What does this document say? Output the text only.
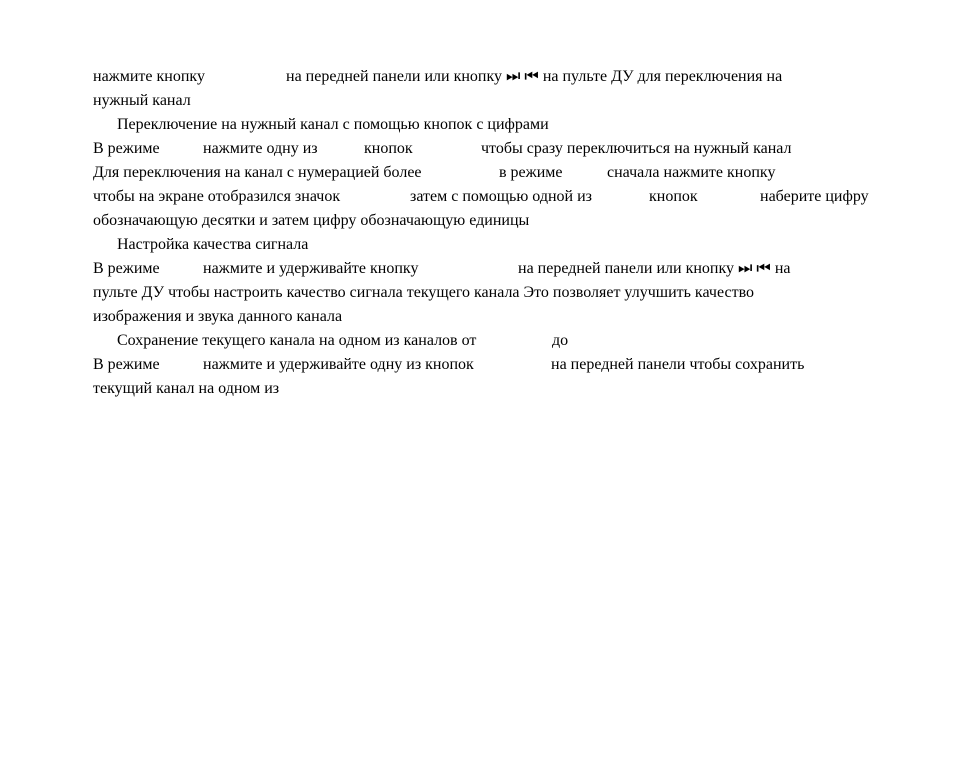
нажмите кнопку	на передней панели или кнопку ⏭ ⏮ на пульте ДУ для переключения на
нужный канал
Переключение на нужный канал с помощью кнопок с цифрами
В режиме	нажмите одну из	кнопок	чтобы сразу переключиться на нужный канал
Для переключения на канал с нумерацией более	в режиме	сначала нажмите кнопку
чтобы на экране отобразился значок	затем с помощью одной из	кнопок	наберите цифру
обозначающую десятки и затем цифру обозначающую единицы
Настройка качества сигнала
В режиме	нажмите и удерживайте кнопку	на передней панели или кнопку ⏭ ⏮ на
пульте ДУ чтобы настроить качество сигнала текущего канала Это позволяет улучшить качество
изображения и звука данного канала
Сохранение текущего канала на одном из каналов от	до
В режиме	нажмите и удерживайте одну из кнопок	на передней панели чтобы сохранить
текущий канал на одном из
